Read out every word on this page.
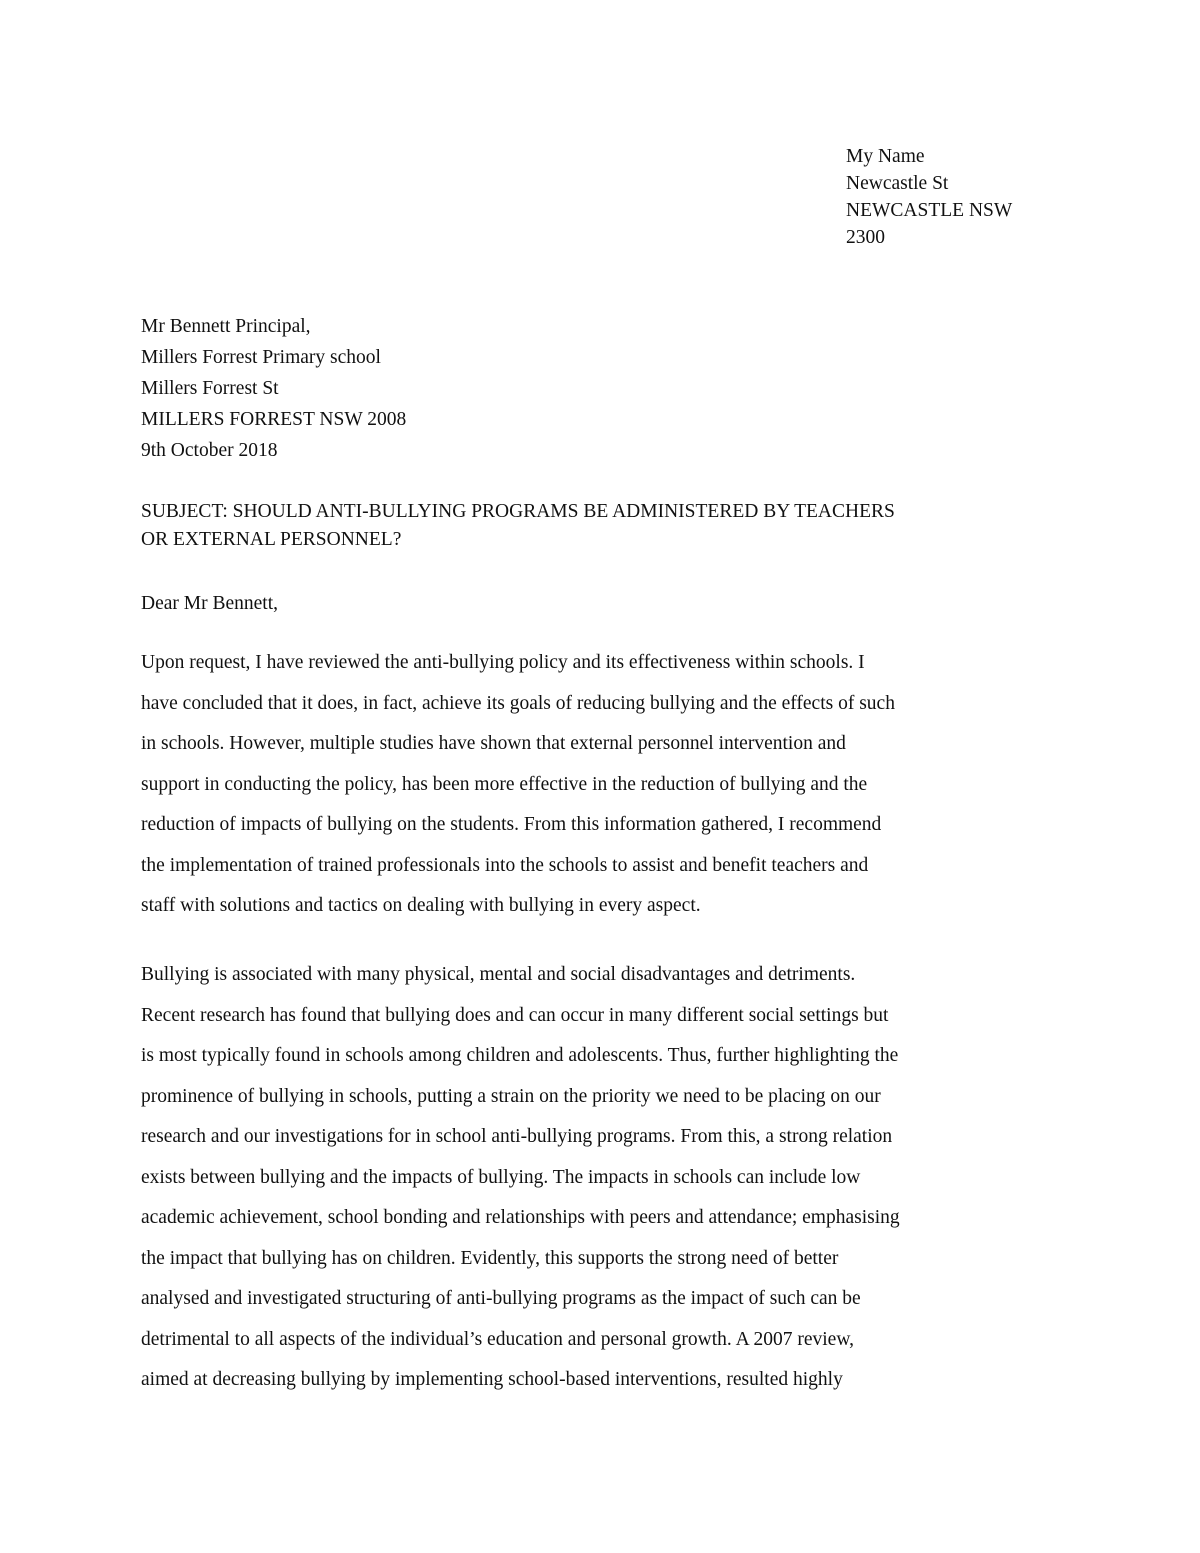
My Name
Newcastle St
NEWCASTLE NSW
2300
Mr Bennett Principal,
Millers Forrest Primary school
Millers Forrest St
MILLERS FORREST NSW 2008
9th October 2018
SUBJECT: SHOULD ANTI-BULLYING PROGRAMS BE ADMINISTERED BY TEACHERS
OR EXTERNAL PERSONNEL?
Dear Mr Bennett,
Upon request, I have reviewed the anti-bullying policy and its effectiveness within schools. I
have concluded that it does, in fact, achieve its goals of reducing bullying and the effects of such
in schools. However, multiple studies have shown that external personnel intervention and
support in conducting the policy, has been more effective in the reduction of bullying and the
reduction of impacts of bullying on the students. From this information gathered, I recommend
the implementation of trained professionals into the schools to assist and benefit teachers and
staff with solutions and tactics on dealing with bullying in every aspect.
Bullying is associated with many physical, mental and social disadvantages and detriments.
Recent research has found that bullying does and can occur in many different social settings but
is most typically found in schools among children and adolescents. Thus, further highlighting the
prominence of bullying in schools, putting a strain on the priority we need to be placing on our
research and our investigations for in school anti-bullying programs. From this, a strong relation
exists between bullying and the impacts of bullying. The impacts in schools can include low
academic achievement, school bonding and relationships with peers and attendance; emphasising
the impact that bullying has on children. Evidently, this supports the strong need of better
analysed and investigated structuring of anti-bullying programs as the impact of such can be
detrimental to all aspects of the individual’s education and personal growth. A 2007 review,
aimed at decreasing bullying by implementing school-based interventions, resulted highly
